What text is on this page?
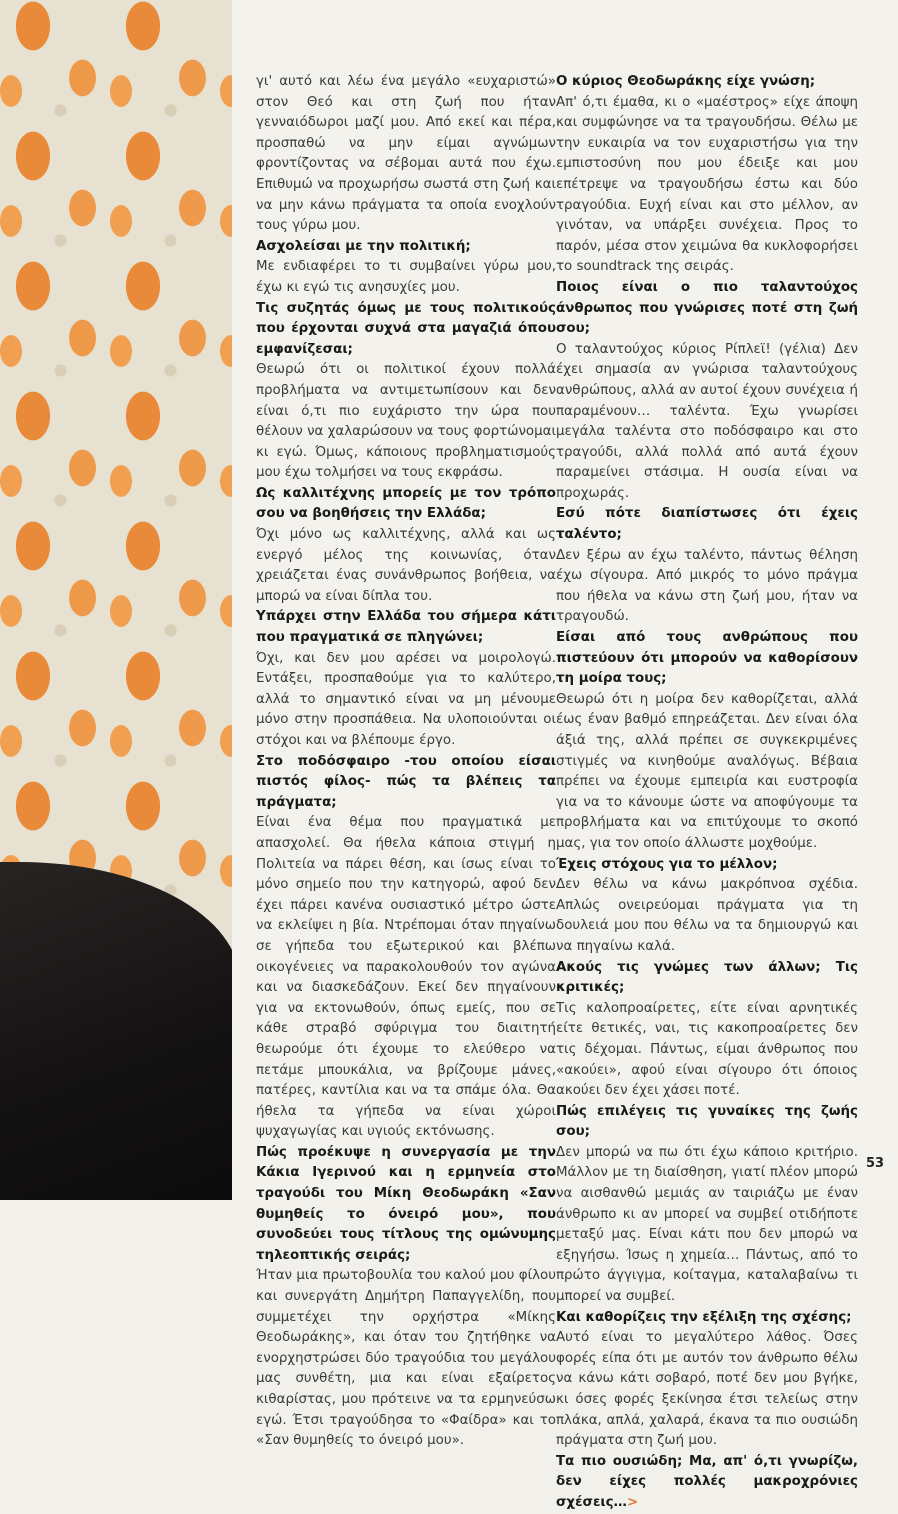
γι' αυτό και λέω ένα μεγάλο «ευχαριστώ» στον Θεό και στη ζωή που ήταν γενναιόδωροι μαζί μου. Από εκεί και πέρα, προσπαθώ να μην είμαι αγνώμων φροντίζοντας να σέβομαι αυτά που έχω. Επιθυμώ να προχωρήσω σωστά στη ζωή και να μην κάνω πράγματα τα οποία ενοχλούν τους γύρω μου.

Ασχολείσαι με την πολιτική;

Με ενδιαφέρει το τι συμβαίνει γύρω μου, έχω κι εγώ τις ανησυχίες μου.

Τις συζητάς όμως με τους πολιτικούς που έρχονται συχνά στα μαγαζιά όπου εμφανίζεσαι;

Θεωρώ ότι οι πολιτικοί έχουν πολλά προβλήματα να αντιμετωπίσουν και δεν είναι ό,τι πιο ευχάριστο την ώρα που θέλουν να χαλαρώσουν να τους φορτώνομαι κι εγώ. Όμως, κάποιους προβληματισμούς μου έχω τολμήσει να τους εκφράσω.

Ως καλλιτέχνης μπορείς με τον τρόπο σου να βοηθήσεις την Ελλάδα;

Όχι μόνο ως καλλιτέχνης, αλλά και ως ενεργό μέλος της κοινωνίας, όταν χρειάζεται ένας συνάνθρωπος βοήθεια, να μπορώ να είναι δίπλα του.

Υπάρχει στην Ελλάδα του σήμερα κάτι που πραγματικά σε πληγώνει;

Όχι, και δεν μου αρέσει να μοιρολογώ. Εντάξει, προσπαθούμε για το καλύτερο, αλλά το σημαντικό είναι να μη μένουμε μόνο στην προσπάθεια. Να υλοποιούνται οι στόχοι και να βλέπουμε έργο.

Στο ποδόσφαιρο -του οποίου είσαι πιστός φίλος- πώς τα βλέπεις τα πράγματα;

Είναι ένα θέμα που πραγματικά με απασχολεί. Θα ήθελα κάποια στιγμή η Πολιτεία να πάρει θέση, και ίσως είναι το μόνο σημείο που την κατηγορώ, αφού δεν έχει πάρει κανένα ουσιαστικό μέτρο ώστε να εκλείψει η βία. Ντρέπομαι όταν πηγαίνω σε γήπεδα του εξωτερικού και βλέπω οικογένειες να παρακολουθούν τον αγώνα και να διασκεδάζουν. Εκεί δεν πηγαίνουν για να εκτονωθούν, όπως εμείς, που σε κάθε στραβό σφύριγμα του διαιτητή θεωρούμε ότι έχουμε το ελεύθερο να πετάμε μπουκάλια, να βρίζουμε μάνες, πατέρες, καντίλια και να τα σπάμε όλα. Θα ήθελα τα γήπεδα να είναι χώροι ψυχαγωγίας και υγιούς εκτόνωσης.

Πώς προέκυψε η συνεργασία με την Κάκια Ιγερινού και η ερμηνεία στο τραγούδι του Μίκη Θεοδωράκη «Σαν θυμηθείς το όνειρό μου», που συνοδεύει τους τίτλους της ομώνυμης τηλεοπτικής σειράς;

Ήταν μια πρωτοβουλία του καλού μου φίλου και συνεργάτη Δημήτρη Παπαγγελίδη, που συμμετέχει την ορχήστρα «Μίκης Θεοδωράκης», και όταν του ζητήθηκε να ενορχηστρώσει δύο τραγούδια του μεγάλου μας συνθέτη, μια και είναι εξαίρετος κιθαρίστας, μου πρότεινε να τα ερμηνεύσω εγώ. Έτσι τραγούδησα το «Φαίδρα» και το «Σαν θυμηθείς το όνειρό μου».

Ο κύριος Θεοδωράκης είχε γνώση;

Απ' ό,τι έμαθα, κι ο «μαέστρος» είχε άποψη και συμφώνησε να τα τραγουδήσω. Θέλω με την ευκαιρία να τον ευχαριστήσω για την εμπιστοσύνη που μου έδειξε και μου επέτρεψε να τραγουδήσω έστω και δύο τραγούδια. Ευχή είναι και στο μέλλον, αν γινόταν, να υπάρξει συνέχεια. Προς το παρόν, μέσα στον χειμώνα θα κυκλοφορήσει το soundtrack της σειράς.

Ποιος είναι ο πιο ταλαντούχος άνθρωπος που γνώρισες ποτέ στη ζωή σου;

Ο ταλαντούχος κύριος Ρίπλεϊ! (γέλια) Δεν έχει σημασία αν γνώρισα ταλαντούχους ανθρώπους, αλλά αν αυτοί έχουν συνέχεια ή παραμένουν… ταλέντα. Έχω γνωρίσει μεγάλα ταλέντα στο ποδόσφαιρο και στο τραγούδι, αλλά πολλά από αυτά έχουν παραμείνει στάσιμα. Η ουσία είναι να προχωράς.

Εσύ πότε διαπίστωσες ότι έχεις ταλέντο;

Δεν ξέρω αν έχω ταλέντο, πάντως θέληση έχω σίγουρα. Από μικρός το μόνο πράγμα που ήθελα να κάνω στη ζωή μου, ήταν να τραγουδώ.

Είσαι από τους ανθρώπους που πιστεύουν ότι μπορούν να καθορίσουν τη μοίρα τους;

Θεωρώ ότι η μοίρα δεν καθορίζεται, αλλά έως έναν βαθμό επηρεάζεται. Δεν είναι όλα άξιά της, αλλά πρέπει σε συγκεκριμένες στιγμές να κινηθούμε αναλόγως. Βέβαια πρέπει να έχουμε εμπειρία και ευστροφία για να το κάνουμε ώστε να αποφύγουμε τα προβλήματα και να επιτύχουμε το σκοπό μας, για τον οποίο άλλωστε μοχθούμε.

Έχεις στόχους για το μέλλον;

Δεν θέλω να κάνω μακρόπνοα σχέδια. Απλώς ονειρεύομαι πράγματα για τη δουλειά μου που θέλω να τα δημιουργώ και να πηγαίνω καλά.

Ακούς τις γνώμες των άλλων; Τις κριτικές;

Τις καλοπροαίρετες, είτε είναι αρνητικές είτε θετικές, ναι, τις κακοπροαίρετες δεν τις δέχομαι. Πάντως, είμαι άνθρωπος που «ακούει», αφού είναι σίγουρο ότι όποιος ακούει δεν έχει χάσει ποτέ.

Πώς επιλέγεις τις γυναίκες της ζωής σου;

Δεν μπορώ να πω ότι έχω κάποιο κριτήριο. Μάλλον με τη διαίσθηση, γιατί πλέον μπορώ να αισθανθώ μεμιάς αν ταιριάζω με έναν άνθρωπο κι αν μπορεί να συμβεί οτιδήποτε μεταξύ μας. Είναι κάτι που δεν μπορώ να εξηγήσω. Ίσως η χημεία… Πάντως, από το πρώτο άγγιγμα, κοίταγμα, καταλαβαίνω τι μπορεί να συμβεί.

Και καθορίζεις την εξέλιξη της σχέσης;

Αυτό είναι το μεγαλύτερο λάθος. Όσες φορές είπα ότι με αυτόν τον άνθρωπο θέλω να κάνω κάτι σοβαρό, ποτέ δεν μου βγήκε, κι όσες φορές ξεκίνησα έτσι τελείως στην πλάκα, απλά, χαλαρά, έκανα τα πιο ουσιώδη πράγματα στη ζωή μου.

Τα πιο ουσιώδη; Μα, απ' ό,τι γνωρίζω, δεν είχες πολλές μακροχρόνιες σχέσεις…>

53
